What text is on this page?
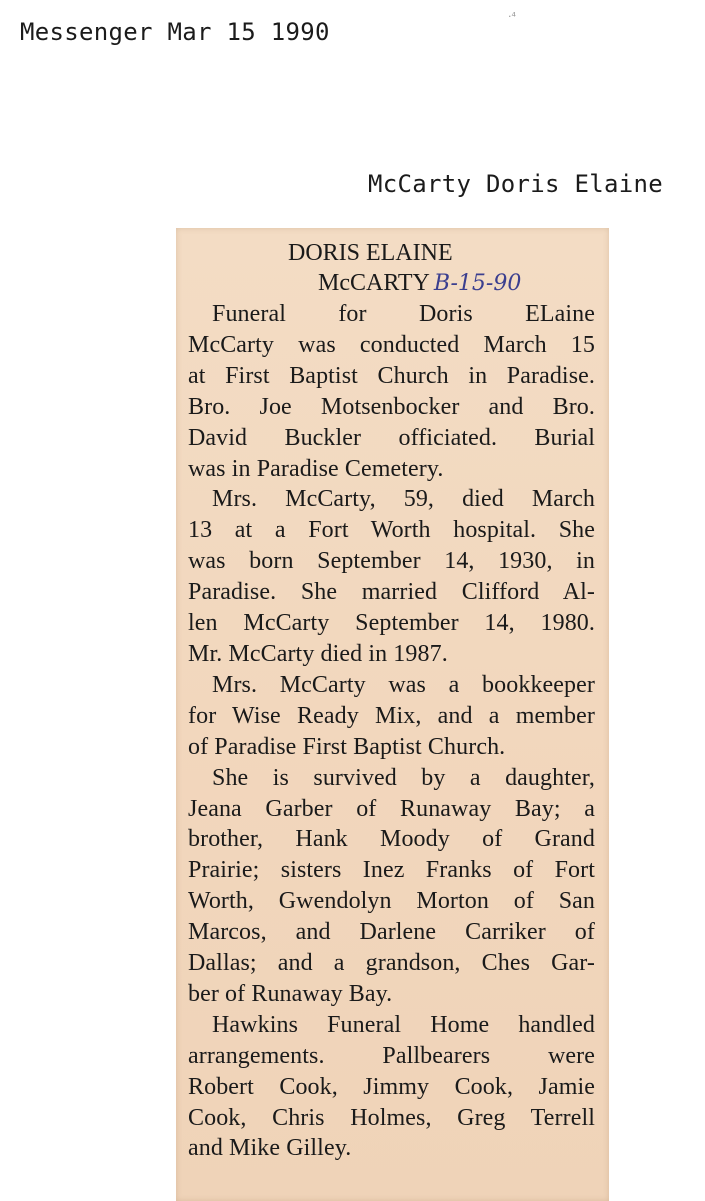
Messenger Mar 15 1990
·⁴
McCarty Doris Elaine
DORIS ELAINE
McCARTY B-15-90

Funeral for Doris ELaine
McCarty was conducted March 15
at First Baptist Church in Paradise.
Bro. Joe Motsenbocker and Bro.
David Buckler officiated. Burial
was in Paradise Cemetery.

Mrs. McCarty, 59, died March
13 at a Fort Worth hospital. She
was born September 14, 1930, in
Paradise. She married Clifford Al-
len McCarty September 14, 1980.
Mr. McCarty died in 1987.

Mrs. McCarty was a bookkeeper
for Wise Ready Mix, and a member
of Paradise First Baptist Church.

She is survived by a daughter,
Jeana Garber of Runaway Bay; a
brother, Hank Moody of Grand
Prairie; sisters Inez Franks of Fort
Worth, Gwendolyn Morton of San
Marcos, and Darlene Carriker of
Dallas; and a grandson, Ches Gar-
ber of Runaway Bay.

Hawkins Funeral Home handled
arrangements. Pallbearers were
Robert Cook, Jimmy Cook, Jamie
Cook, Chris Holmes, Greg Terrell
and Mike Gilley.
